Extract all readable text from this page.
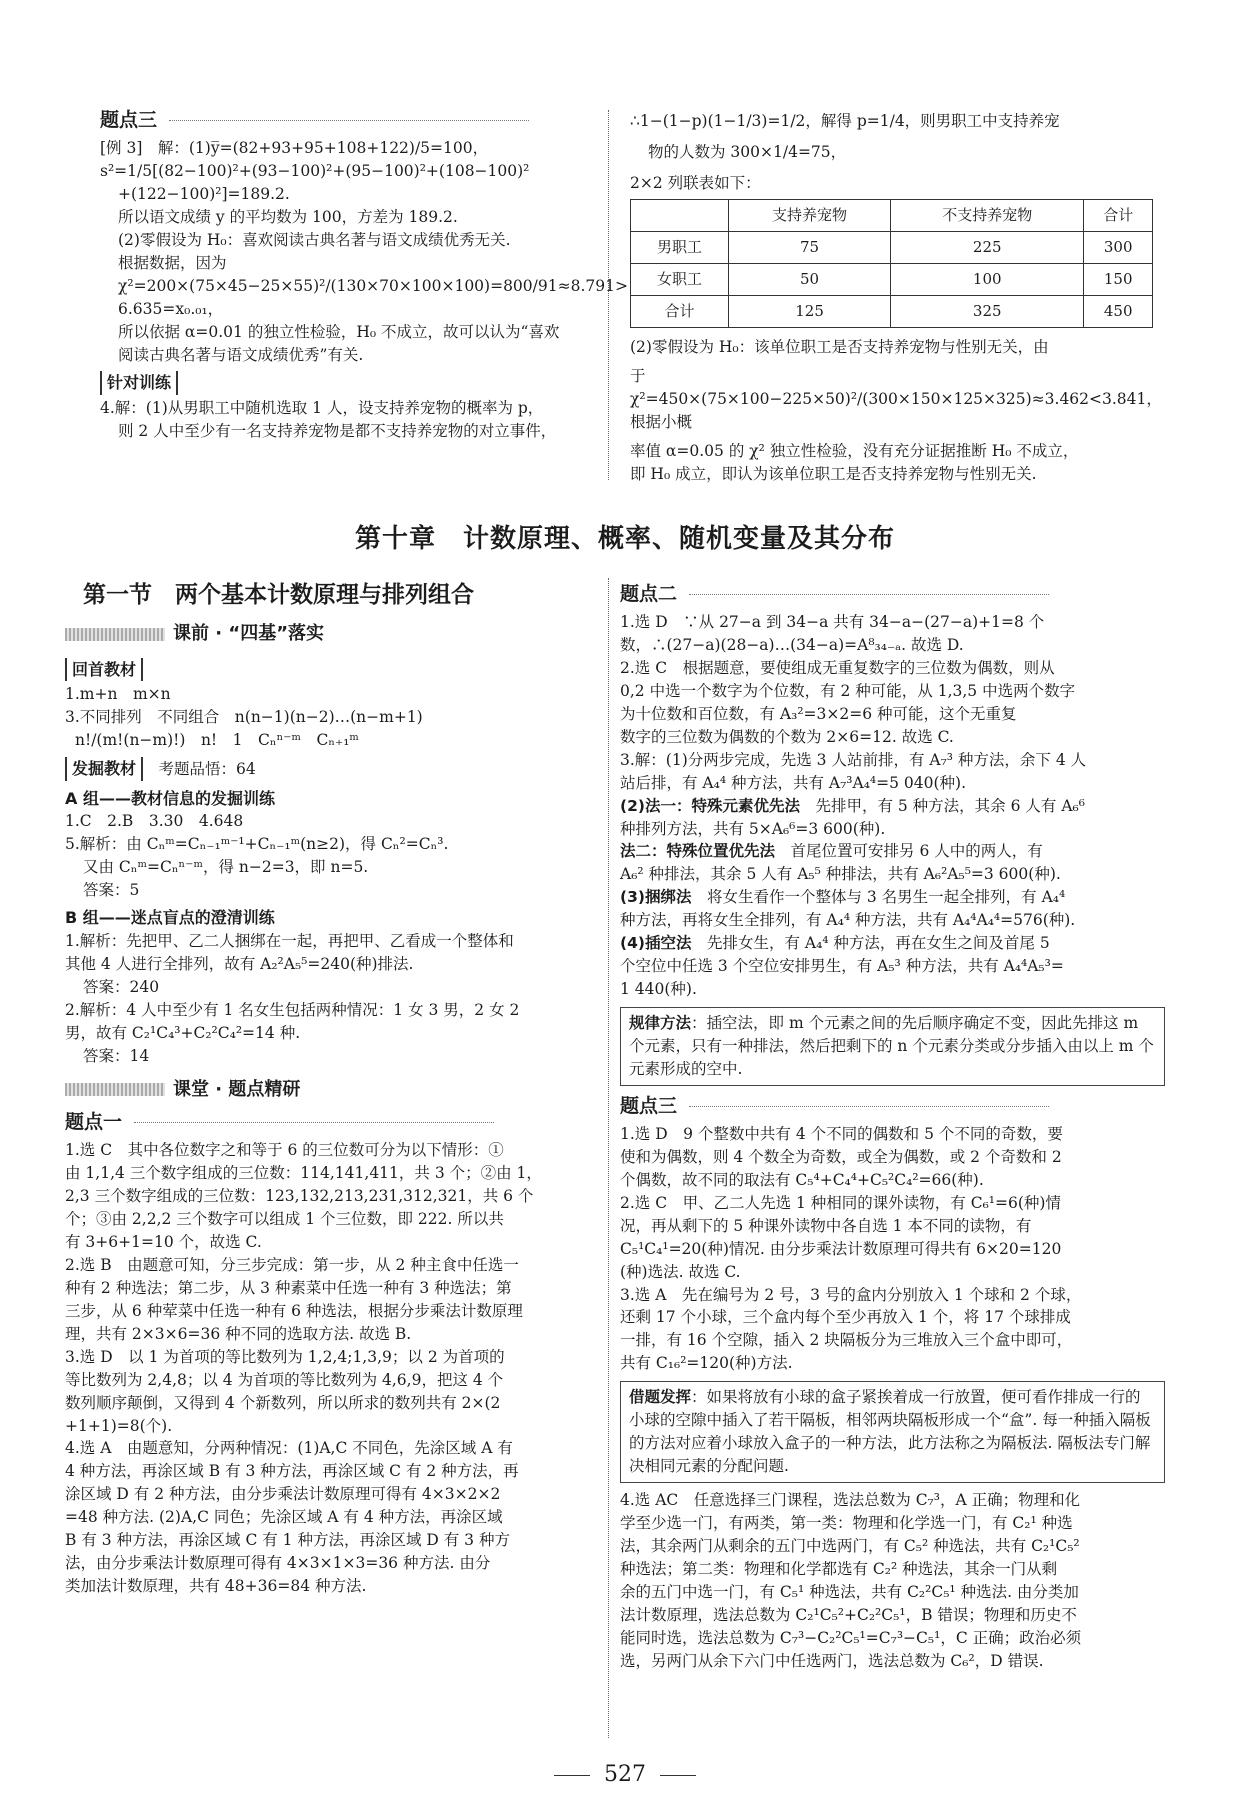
题点三

[例 3]　解：(1)y̅=(82+93+95+108+122)/5=100，

s²=1/5[(82−100)²+(93−100)²+(95−100)²+(108−100)²

+(122−100)²]=189.2.

所以语文成绩 y 的平均数为 100，方差为 189.2.

(2)零假设为 H₀：喜欢阅读古典名著与语文成绩优秀无关.

根据数据，因为 χ²=200×(75×45−25×55)²/(130×70×100×100)=800/91≈8.791>

6.635=x₀.₀₁，

所以依据 α=0.01 的独立性检验，H₀ 不成立，故可以认为“喜欢

阅读古典名著与语文成绩优秀”有关.

针对训练

4.解：(1)从男职工中随机选取 1 人，设支持养宠物的概率为 p，

则 2 人中至少有一名支持养宠物是都不支持养宠物的对立事件，

∴1−(1−p)(1−1/3)=1/2，解得 p=1/4，则男职工中支持养宠

物的人数为 300×1/4=75，

2×2 列联表如下：

	支持养宠物	不支持养宠物	合计
男职工	75	225	300
女职工	50	100	150
合计	125	325	450

(2)零假设为 H₀：该单位职工是否支持养宠物与性别无关，由

于 χ²=450×(75×100−225×50)²/(300×150×125×325)≈3.462<3.841，根据小概

率值 α=0.05 的 χ² 独立性检验，没有充分证据推断 H₀ 不成立，

即 H₀ 成立，即认为该单位职工是否支持养宠物与性别无关.

第十章　计数原理、概率、随机变量及其分布

第一节　两个基本计数原理与排列组合

课前 · “四基”落实

回首教材

1.m+n　m×n

3.不同排列　不同组合　n(n−1)(n−2)…(n−m+1)

n!/(m!(n−m)!)　n!　1　Cₙⁿ⁻ᵐ　Cₙ₊₁ᵐ

发掘教材　 考题品悟：64

A 组——教材信息的发掘训练

1.C　2.B　3.30　4.648

5.解析：由 Cₙᵐ=Cₙ₋₁ᵐ⁻¹+Cₙ₋₁ᵐ(n≥2)，得 Cₙ²=Cₙ³.

又由 Cₙᵐ=Cₙⁿ⁻ᵐ，得 n−2=3，即 n=5.

答案：5

B 组——迷点盲点的澄清训练

1.解析：先把甲、乙二人捆绑在一起，再把甲、乙看成一个整体和

其他 4 人进行全排列，故有 A₂²A₅⁵=240(种)排法.

答案：240

2.解析：4 人中至少有 1 名女生包括两种情况：1 女 3 男，2 女 2

男，故有 C₂¹C₄³+C₂²C₄²=14 种.

答案：14

课堂 · 题点精研

题点一

1.选 C　其中各位数字之和等于 6 的三位数可分为以下情形：①

由 1,1,4 三个数字组成的三位数：114,141,411，共 3 个；②由 1，

2,3 三个数字组成的三位数：123,132,213,231,312,321，共 6 个

个；③由 2,2,2 三个数字可以组成 1 个三位数，即 222. 所以共

有 3+6+1=10 个，故选 C.

2.选 B　由题意可知，分三步完成：第一步，从 2 种主食中任选一

种有 2 种选法；第二步，从 3 种素菜中任选一种有 3 种选法；第

三步，从 6 种荤菜中任选一种有 6 种选法，根据分步乘法计数原理

理，共有 2×3×6=36 种不同的选取方法. 故选 B.

3.选 D　以 1 为首项的等比数列为 1,2,4;1,3,9；以 2 为首项的

等比数列为 2,4,8；以 4 为首项的等比数列为 4,6,9，把这 4 个

数列顺序颠倒，又得到 4 个新数列，所以所求的数列共有 2×(2

+1+1)=8(个).

4.选 A　由题意知，分两种情况：(1)A,C 不同色，先涂区域 A 有

4 种方法，再涂区域 B 有 3 种方法，再涂区域 C 有 2 种方法，再

涂区域 D 有 2 种方法，由分步乘法计数原理可得有 4×3×2×2

=48 种方法. (2)A,C 同色；先涂区域 A 有 4 种方法，再涂区域

B 有 3 种方法，再涂区域 C 有 1 种方法，再涂区域 D 有 3 种方

法，由分步乘法计数原理可得有 4×3×1×3=36 种方法. 由分

类加法计数原理，共有 48+36=84 种方法.

题点二

1.选 D　∵从 27−a 到 34−a 共有 34−a−(27−a)+1=8 个

数，∴(27−a)(28−a)…(34−a)=A⁸₃₄₋ₐ. 故选 D.

2.选 C　根据题意，要使组成无重复数字的三位数为偶数，则从

0,2 中选一个数字为个位数，有 2 种可能，从 1,3,5 中选两个数字

为十位数和百位数，有 A₃²=3×2=6 种可能，这个无重复

数字的三位数为偶数的个数为 2×6=12. 故选 C.

3.解：(1)分两步完成，先选 3 人站前排，有 A₇³ 种方法，余下 4 人

站后排，有 A₄⁴ 种方法，共有 A₇³A₄⁴=5 040(种).

(2)法一：特殊元素优先法　先排甲，有 5 种方法，其余 6 人有 A₆⁶

种排列方法，共有 5×A₆⁶=3 600(种).

法二：特殊位置优先法　首尾位置可安排另 6 人中的两人，有

A₆² 种排法，其余 5 人有 A₅⁵ 种排法，共有 A₆²A₅⁵=3 600(种).

(3)捆绑法　将女生看作一个整体与 3 名男生一起全排列，有 A₄⁴

种方法，再将女生全排列，有 A₄⁴ 种方法，共有 A₄⁴A₄⁴=576(种).

(4)插空法　先排女生，有 A₄⁴ 种方法，再在女生之间及首尾 5

个空位中任选 3 个空位安排男生，有 A₅³ 种方法，共有 A₄⁴A₅³=

1 440(种).

规律方法：插空法，即 m 个元素之间的先后顺序确定不变，因此先排这 m 个元素，只有一种排法，然后把剩下的 n 个元素分类或分步插入由以上 m 个元素形成的空中.

题点三

1.选 D　9 个整数中共有 4 个不同的偶数和 5 个不同的奇数，要

使和为偶数，则 4 个数全为奇数，或全为偶数，或 2 个奇数和 2

个偶数，故不同的取法有 C₅⁴+C₄⁴+C₅²C₄²=66(种).

2.选 C　甲、乙二人先选 1 种相同的课外读物，有 C₆¹=6(种)情

况，再从剩下的 5 种课外读物中各自选 1 本不同的读物，有

C₅¹C₄¹=20(种)情况. 由分步乘法计数原理可得共有 6×20=120

(种)选法. 故选 C.

3.选 A　先在编号为 2 号，3 号的盒内分别放入 1 个球和 2 个球，

还剩 17 个小球，三个盒内每个至少再放入 1 个，将 17 个球排成

一排，有 16 个空隙，插入 2 块隔板分为三堆放入三个盒中即可，

共有 C₁₆²=120(种)方法.

借题发挥：如果将放有小球的盒子紧挨着成一行放置，便可看作排成一行的小球的空隙中插入了若干隔板，相邻两块隔板形成一个“盒”. 每一种插入隔板的方法对应着小球放入盒子的一种方法，此方法称之为隔板法. 隔板法专门解决相同元素的分配问题.

4.选 AC　任意选择三门课程，选法总数为 C₇³，A 正确；物理和化

学至少选一门，有两类，第一类：物理和化学选一门，有 C₂¹ 种选

法，其余两门从剩余的五门中选两门，有 C₅² 种选法，共有 C₂¹C₅²

种选法；第二类：物理和化学都选有 C₂² 种选法，其余一门从剩

余的五门中选一门，有 C₅¹ 种选法，共有 C₂²C₅¹ 种选法. 由分类加

法计数原理，选法总数为 C₂¹C₅²+C₂²C₅¹，B 错误；物理和历史不

能同时选，选法总数为 C₇³−C₂²C₅¹=C₇³−C₅¹，C 正确；政治必须

选，另两门从余下六门中任选两门，选法总数为 C₆²，D 错误.

527
